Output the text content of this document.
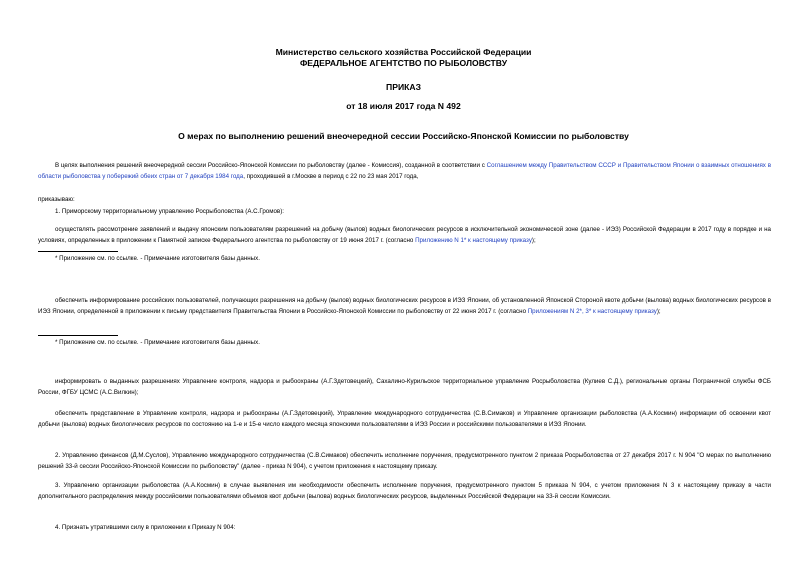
Министерство сельского хозяйства Российской Федерации
ФЕДЕРАЛЬНОЕ АГЕНТСТВО ПО РЫБОЛОВСТВУ
ПРИКАЗ
от 18 июля 2017 года N 492
О мерах по выполнению решений внеочередной сессии Российско-Японской Комиссии по рыболовству

В целях выполнения решений внеочередной сессии Российско-Японской Комиссии по рыболовству (далее - Комиссия), созданной в соответствии с Соглашением между Правительством СССР и Правительством Японии о взаимных отношениях в области рыболовства у побережий обеих стран от 7 декабря 1984 года, проходившей в г.Москве в период с 22 по 23 мая 2017 года,

приказываю:

1. Приморскому территориальному управлению Росрыболовства (А.С.Громов):

осуществлять рассмотрение заявлений и выдачу японским пользователям разрешений на добычу (вылов) водных биологических ресурсов в исключительной экономической зоне (далее - ИЭЗ) Российской Федерации в 2017 году в порядке и на условиях, определенных в приложении к Памятной записке Федерального агентства по рыболовству от 19 июня 2017 г. (согласно Приложению N 1* к настоящему приказу);

* Приложение см. по ссылке. - Примечание изготовителя базы данных.

обеспечить информирование российских пользователей, получающих разрешения на добычу (вылов) водных биологических ресурсов в ИЭЗ Японии, об установленной Японской Стороной квоте добычи (вылова) водных биологических ресурсов в ИЭЗ Японии, определенной в приложении к письму представителя Правительства Японии в Российско-Японской Комиссии по рыболовству от 22 июня 2017 г. (согласно Приложениям N 2*, 3* к настоящему приказу);

* Приложение см. по ссылке. - Примечание изготовителя базы данных.

информировать о выданных разрешениях Управление контроля, надзора и рыбоохраны (А.Г.Здетовецкий), Сахалино-Курильское территориальное управление Росрыболовства (Кулиев С.Д.), региональные органы Пограничной службы ФСБ России, ФГБУ ЦСМС (А.С.Вилкин);

обеспечить представление в Управление контроля, надзора и рыбоохраны (А.Г.Здетовецкий), Управление международного сотрудничества (С.В.Симаков) и Управление организации рыболовства (А.А.Космин) информации об освоении квот добычи (вылова) водных биологических ресурсов по состоянию на 1-е и 15-е число каждого месяца японскими пользователями в ИЭЗ России и российскими пользователями в ИЭЗ Японии.

2. Управлению финансов (Д.М.Суслов), Управлению международного сотрудничества (С.В.Симаков) обеспечить исполнение поручения, предусмотренного пунктом 2 приказа Росрыболовства от 27 декабря 2017 г. N 904 "О мерах по выполнению решений 33-й сессии Российско-Японской Комиссии по рыболовству" (далее - приказ N 904), с учетом приложения к настоящему приказу.

3. Управлению организации рыболовства (А.А.Космин) в случае выявления им необходимости обеспечить исполнение поручения, предусмотренного пунктом 5 приказа N 904, с учетом приложения N 3 к настоящему приказу в части дополнительного распределения между российскими пользователями объемов квот добычи (вылова) водных биологических ресурсов, выделенных Российской Федерации на 33-й сессии Комиссии.

4. Признать утратившими силу в приложении к Приказу N 904:
